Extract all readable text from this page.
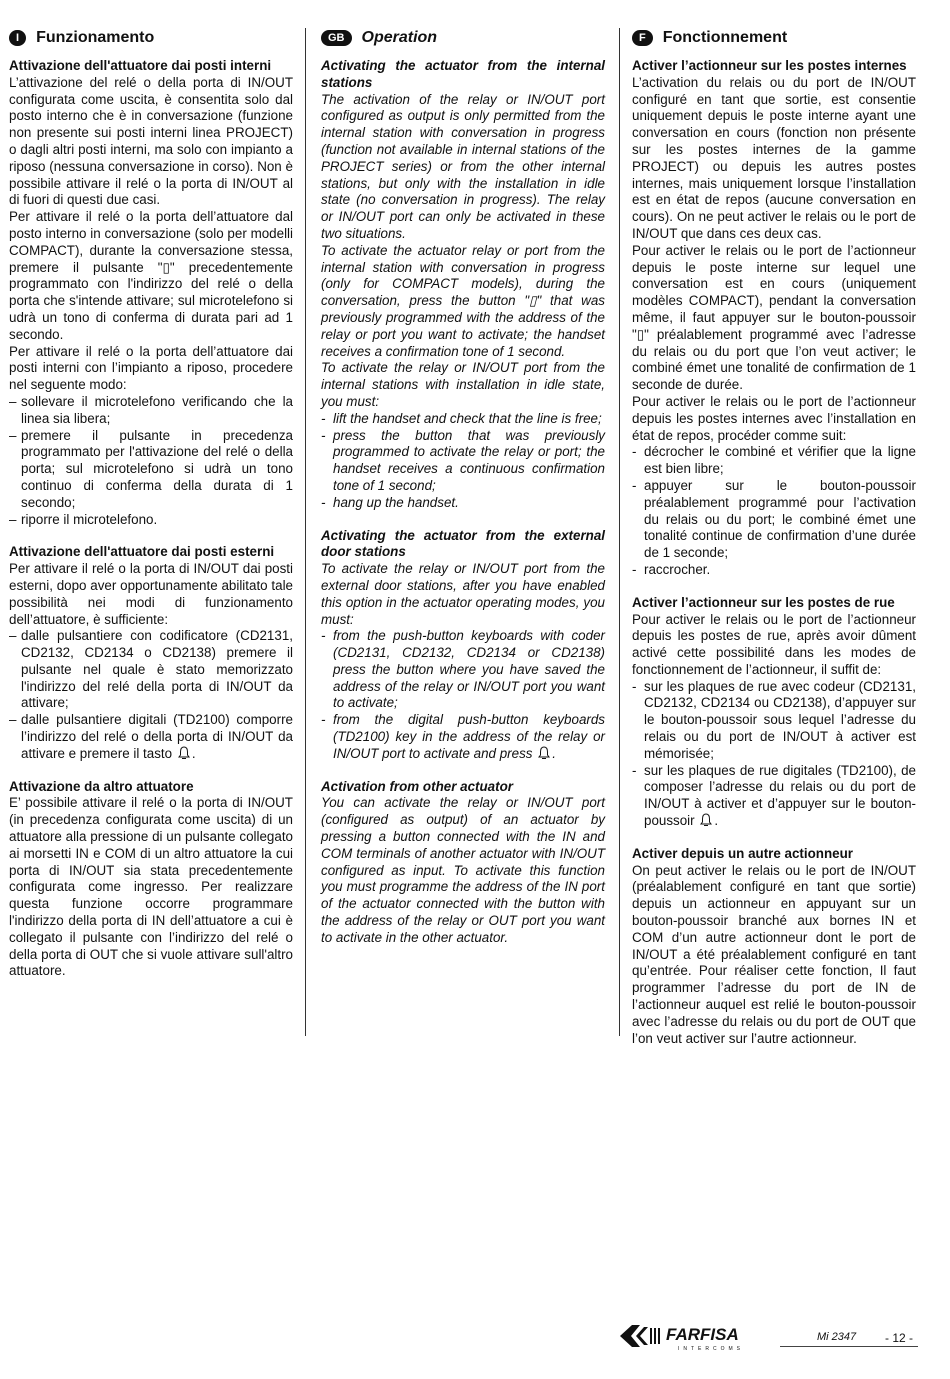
I	Funzionamento

Attivazione dell'attuatore dai posti interni

L’attivazione del relé o della porta di IN/OUT configurata come uscita, è consentita solo dal posto interno che è in conversazione (funzione non presente sui posti interni linea PROJECT) o dagli altri posti interni, ma solo con impianto a riposo (nessuna conversazione in corso). Non è possibile attivare il relé o la porta di IN/OUT al di fuori di questi due casi.

Per attivare il relé o la porta dell’attuatore dal posto interno in conversazione (solo per modelli COMPACT), durante la conversazione stessa, premere il pulsante "▯" precedentemente programmato con l'indirizzo del relé o della porta che s'intende attivare; sul microtelefono si udrà un tono di conferma di durata pari ad 1 secondo.

Per attivare il relé o la porta dell’attuatore dai posti interni con l’impianto a riposo, procedere nel seguente modo:

– sollevare il microtelefono verificando che la linea sia libera;
– premere il pulsante in precedenza programmato per l'attivazione del relé o della porta; sul microtelefono si udrà un tono continuo di conferma della durata di 1 secondo;
– riporre il microtelefono.

Attivazione dell'attuatore dai posti esterni

Per attivare il relé o la porta di IN/OUT dai posti esterni, dopo aver opportunamente abilitato tale possibilità nei modi di funzionamento dell’attuatore, è sufficiente:

– dalle pulsantiere con codificatore (CD2131, CD2132, CD2134 o CD2138) premere il pulsante nel quale è stato memorizzato l'indirizzo del relé della porta di IN/OUT da attivare;
– dalle pulsantiere digitali (TD2100) comporre l’indirizzo del relé o della porta di IN/OUT da attivare e premere il tasto .

Attivazione da altro attuatore

E’ possibile attivare il relé o la porta di IN/OUT (in precedenza configurata come uscita) di un attuatore alla pressione di un pulsante collegato ai morsetti IN e COM di un altro attuatore la cui porta di IN/OUT sia stata precedentemente configurata come ingresso. Per realizzare questa funzione occorre programmare l'indirizzo della porta di IN dell’attuatore a cui è collegato il pulsante con l’indirizzo del relé o della porta di OUT che si vuole attivare sull'altro attuatore.

GB	Operation

Activating the actuator from the internal stations

The activation of the relay or IN/OUT port configured as output is only permitted from the internal station with conversation in progress (function not available in internal stations of the PROJECT series) or from the other internal stations, but only with the installation in idle state (no conversation in progress). The relay or IN/OUT port can only be activated in these two situations.

To activate the actuator relay or port from the internal station with conversation in progress (only for COMPACT models), during the conversation, press the button "▯" that was previously programmed with the address of the relay or port you want to activate; the handset receives a confirmation tone of 1 second.

To activate the relay or IN/OUT port from the internal stations with installation in idle state, you must:

- lift the handset and check that the line is free;
- press the button that was previously programmed to activate the relay or port; the handset receives a continuous confirmation tone of 1 second;
- hang up the handset.

Activating the actuator from the external door stations

To activate the relay or IN/OUT port from the external door stations, after you have enabled this option in the actuator operating modes, you must:

- from the push-button keyboards with coder (CD2131, CD2132, CD2134 or CD2138) press the button where you have saved the address of the relay or IN/OUT port you want to activate;
- from the digital push-button keyboards (TD2100) key in the address of the relay or IN/OUT port to activate and press .

Activation from other actuator

You can activate the relay or IN/OUT port (configured as output) of an actuator by pressing a button connected with the IN and COM terminals of another actuator with IN/OUT configured as input. To activate this function you must programme the address of the IN port of the actuator connected with the button with the address of the relay or OUT port you want to activate in the other actuator.

F	Fonctionnement

Activer l’actionneur sur les postes internes

L’activation du relais ou du port de IN/OUT configuré en tant que sortie, est consentie uniquement depuis le poste interne ayant une conversation en cours (fonction non présente sur les postes internes de la gamme PROJECT) ou depuis les autres postes internes, mais uniquement lorsque l’installation est en état de repos (aucune conversation en cours). On ne peut activer le relais ou le port de IN/OUT que dans ces deux cas.

Pour activer le relais ou le port de l’actionneur depuis le poste interne sur lequel une conversation est en cours (uniquement modèles COMPACT), pendant la conversation même, il faut appuyer sur le bouton-poussoir "▯" préalablement programmé avec l’adresse du relais ou du port que l’on veut activer; le combiné émet une tonalité de confirmation de 1 seconde de durée.

Pour activer le relais ou le port de l’actionneur depuis les postes internes avec l’installation en état de repos, procéder comme suit:

- décrocher le combiné et vérifier que la ligne est bien libre;
- appuyer sur le bouton-poussoir préalablement programmé pour l’activation du relais ou du port; le combiné émet une tonalité continue de confirmation d’une durée de 1 seconde;
- raccrocher.

Activer l’actionneur sur les postes de rue

Pour activer le relais ou le port de l’actionneur depuis les postes de rue, après avoir dûment activé cette possibilité dans les modes de fonctionnement de l’actionneur, il suffit de:

- sur les plaques de rue avec codeur (CD2131, CD2132, CD2134 ou CD2138), d’appuyer sur le bouton-poussoir sous lequel l’adresse du relais ou du port de IN/OUT à activer est mémorisée;
- sur les plaques de rue digitales (TD2100), de composer l’adresse du relais ou du port de IN/OUT à activer et d’appuyer sur le bouton-poussoir .

Activer depuis un autre actionneur

On peut activer le relais ou le port de IN/OUT (préalablement configuré en tant que sortie) depuis un actionneur en appuyant sur un bouton-poussoir branché aux bornes IN et COM d’un autre actionneur dont le port de IN/OUT a été préalablement configuré en tant qu’entrée. Pour réaliser cette fonction, Il faut programmer l’adresse du port de IN de l’actionneur auquel est relié le bouton-poussoir avec l’adresse du relais ou du port de OUT que l’on veut activer sur l’autre actionneur.

FARFISA
INTERCOMS
Mi 2347 - 12 -
